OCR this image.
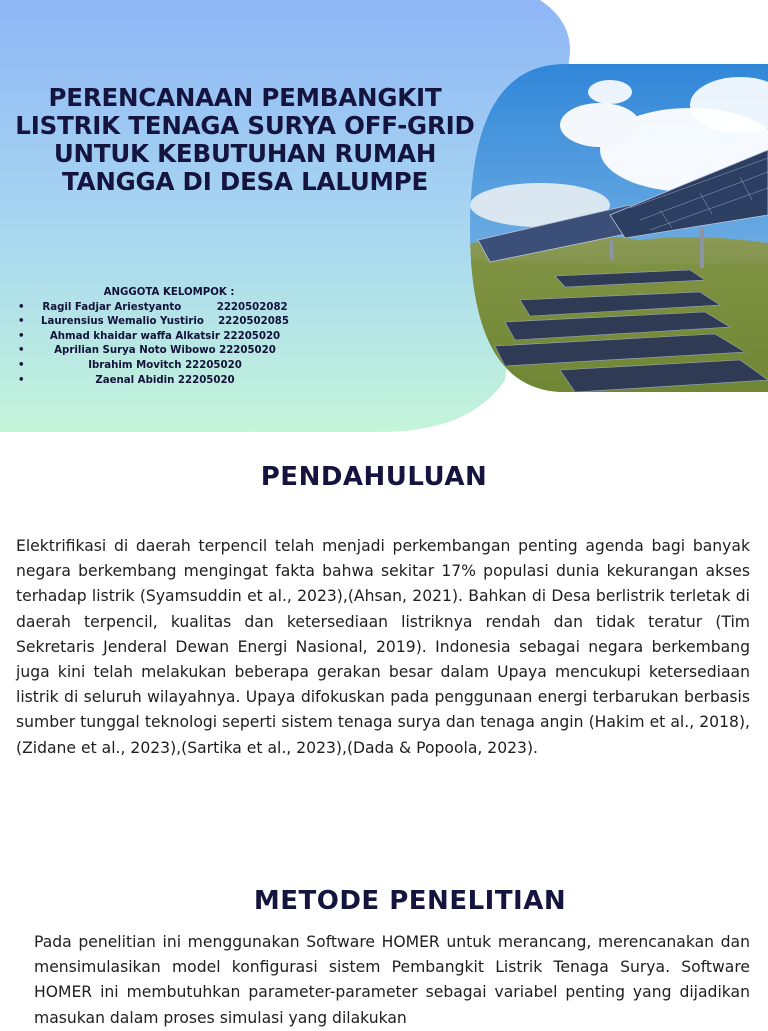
PERENCANAAN PEMBANGKIT LISTRIK TENAGA SURYA OFF-GRID UNTUK KEBUTUHAN RUMAH TANGGA DI DESA LALUMPE
ANGGOTA KELOMPOK :
• Ragil Fadjar Ariestyanto          2220502082
• Laurensius Wemalio Yustirio    2220502085
• Ahmad khaidar waffa Alkatsir 22205020
•	Aprilian Surya Noto Wibowo 22205020
•	Ibrahim Movitch 22205020
•	Zaenal Abidin 22205020
PENDAHULUAN

Elektrifikasi di daerah terpencil telah menjadi perkembangan penting agenda bagi banyak negara berkembang mengingat fakta bahwa sekitar 17% populasi dunia kekurangan akses terhadap listrik (Syamsuddin et al., 2023),(Ahsan, 2021). Bahkan di Desa berlistrik terletak di daerah terpencil, kualitas dan ketersediaan listriknya rendah dan tidak teratur (Tim Sekretaris Jenderal Dewan Energi Nasional, 2019). Indonesia sebagai negara berkembang juga kini telah melakukan beberapa gerakan besar dalam Upaya mencukupi ketersediaan listrik di seluruh wilayahnya. Upaya difokuskan pada penggunaan energi terbarukan berbasis sumber tunggal teknologi seperti sistem tenaga surya dan tenaga angin (Hakim et al., 2018),(Zidane et al., 2023),(Sartika et al., 2023),(Dada & Popoola, 2023).

METODE PENELITIAN

Pada penelitian ini menggunakan Software HOMER untuk merancang, merencanakan dan mensimulasikan model konfigurasi sistem Pembangkit Listrik Tenaga Surya. Software HOMER ini membutuhkan parameter-parameter sebagai variabel penting yang dijadikan masukan dalam proses simulasi yang dilakukan
